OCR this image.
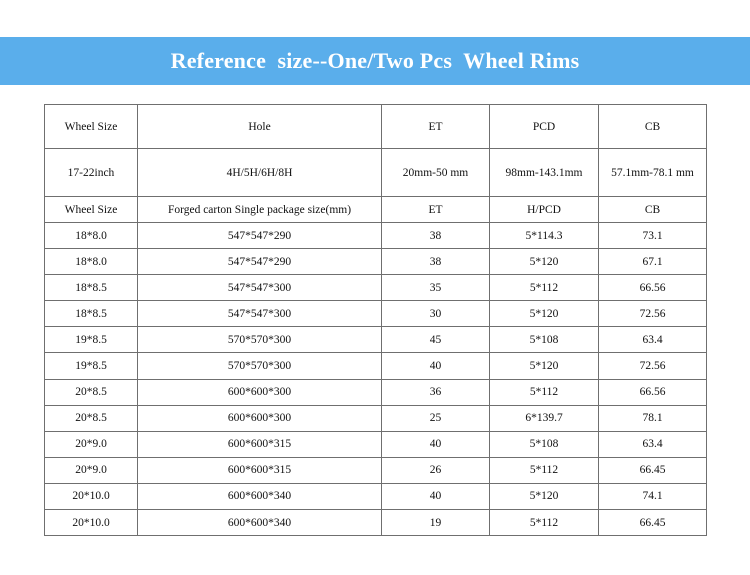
Reference  size--One/Two Pcs  Wheel Rims
Wheel Size	Hole	ET	PCD	CB
17-22inch	4H/5H/6H/8H	20mm-50 mm	98mm-143.1mm	57.1mm-78.1 mm
Wheel Size	Forged carton Single package size(mm)	ET	H/PCD	CB
18*8.0	547*547*290	38	5*114.3	73.1
18*8.0	547*547*290	38	5*120	67.1
18*8.5	547*547*300	35	5*112	66.56
18*8.5	547*547*300	30	5*120	72.56
19*8.5	570*570*300	45	5*108	63.4
19*8.5	570*570*300	40	5*120	72.56
20*8.5	600*600*300	36	5*112	66.56
20*8.5	600*600*300	25	6*139.7	78.1
20*9.0	600*600*315	40	5*108	63.4
20*9.0	600*600*315	26	5*112	66.45
20*10.0	600*600*340	40	5*120	74.1
20*10.0	600*600*340	19	5*112	66.45
